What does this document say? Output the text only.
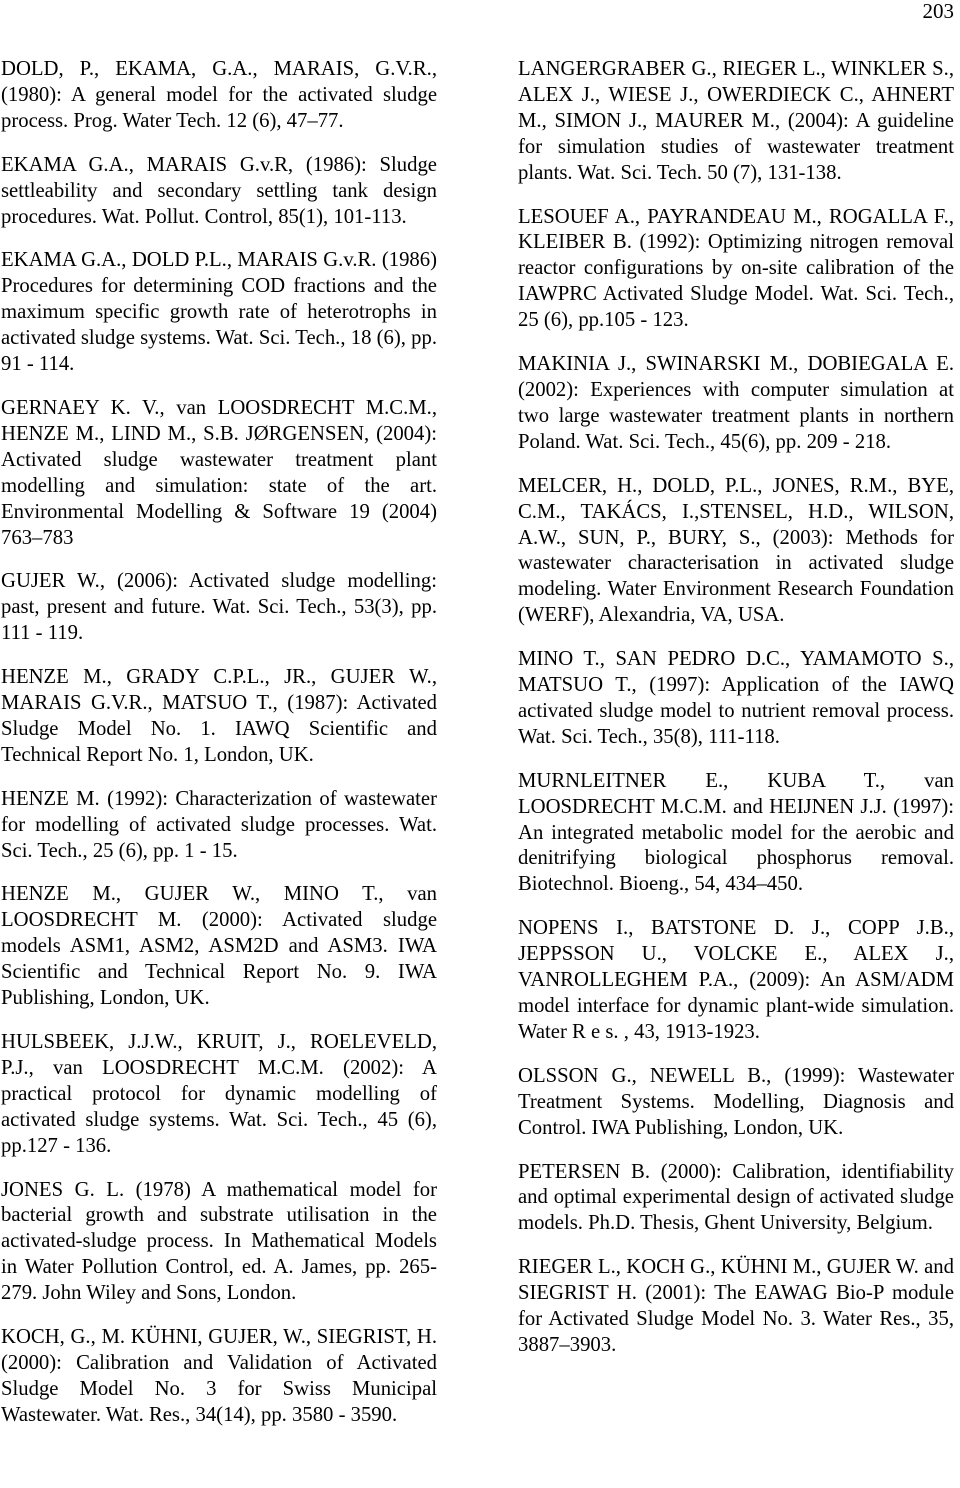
203

DOLD, P., EKAMA, G.A., MARAIS, G.V.R., (1980): A general model for the activated sludge process. Prog. Water Tech. 12 (6), 47–77.

EKAMA G.A., MARAIS G.v.R, (1986): Sludge settleability and secondary settling tank design procedures. Wat. Pollut. Control, 85(1), 101-113.

EKAMA G.A., DOLD P.L., MARAIS G.v.R. (1986) Procedures for determining COD fractions and the maximum specific growth rate of heterotrophs in activated sludge systems. Wat. Sci. Tech., 18 (6), pp. 91 - 114.

GERNAEY K. V., van LOOSDRECHT M.C.M., HENZE M., LIND M., S.B. JØRGENSEN, (2004): Activated sludge wastewater treatment plant modelling and simulation: state of the art. Environmental Modelling & Software 19 (2004) 763–783

GUJER W., (2006): Activated sludge modelling: past, present and future. Wat. Sci. Tech., 53(3), pp. 111 - 119.

HENZE M., GRADY C.P.L., JR., GUJER W., MARAIS G.V.R., MATSUO T., (1987): Activated Sludge Model No. 1. IAWQ Scientific and Technical Report No. 1, London, UK.

HENZE M. (1992): Characterization of wastewater for modelling of activated sludge processes. Wat. Sci. Tech., 25 (6), pp. 1 - 15.

HENZE M., GUJER W., MINO T., van LOOSDRECHT M. (2000): Activated sludge models ASM1, ASM2, ASM2D and ASM3. IWA Scientific and Technical Report No. 9. IWA Publishing, London, UK.

HULSBEEK, J.J.W., KRUIT, J., ROELEVELD, P.J., van LOOSDRECHT M.C.M. (2002): A practical protocol for dynamic modelling of activated sludge systems. Wat. Sci. Tech., 45 (6), pp.127 - 136.

JONES G. L. (1978) A mathematical model for bacterial growth and substrate utilisation in the activated-sludge process. In Mathematical Models in Water Pollution Control, ed. A. James, pp. 265-279. John Wiley and Sons, London.

KOCH, G., M. KÜHNI, GUJER, W., SIEGRIST, H. (2000): Calibration and Validation of Activated Sludge Model No. 3 for Swiss Municipal Wastewater. Wat. Res., 34(14), pp. 3580 - 3590.

LANGERGRABER G., RIEGER L., WINKLER S., ALEX J., WIESE J., OWERDIECK C., AHNERT M., SIMON J., MAURER M., (2004): A guideline for simulation studies of wastewater treatment plants. Wat. Sci. Tech. 50 (7), 131-138.

LESOUEF A., PAYRANDEAU M., ROGALLA F., KLEIBER B. (1992): Optimizing nitrogen removal reactor configurations by on-site calibration of the IAWPRC Activated Sludge Model. Wat. Sci. Tech., 25 (6), pp.105 - 123.

MAKINIA J., SWINARSKI M., DOBIEGALA E. (2002): Experiences with computer simulation at two large wastewater treatment plants in northern Poland. Wat. Sci. Tech., 45(6), pp. 209 - 218.

MELCER, H., DOLD, P.L., JONES, R.M., BYE, C.M., TAKÁCS, I.,STENSEL, H.D., WILSON, A.W., SUN, P., BURY, S., (2003): Methods for wastewater characterisation in activated sludge modeling. Water Environment Research Foundation (WERF), Alexandria, VA, USA.

MINO T., SAN PEDRO D.C., YAMAMOTO S., MATSUO T., (1997): Application of the IAWQ activated sludge model to nutrient removal process. Wat. Sci. Tech., 35(8), 111-118.

MURNLEITNER E., KUBA T., van LOOSDRECHT M.C.M. and HEIJNEN J.J. (1997): An integrated metabolic model for the aerobic and denitrifying biological phosphorus removal. Biotechnol. Bioeng., 54, 434–450.

NOPENS I., BATSTONE D. J., COPP J.B., JEPPSSON U., VOLCKE E., ALEX J., VANROLLEGHEM P.A., (2009): An ASM/ADM model interface for dynamic plant-wide simulation. Water R e s. , 43, 1913-1923.

OLSSON G., NEWELL B., (1999): Wastewater Treatment Systems. Modelling, Diagnosis and Control. IWA Publishing, London, UK.

PETERSEN B. (2000): Calibration, identifiability and optimal experimental design of activated sludge models. Ph.D. Thesis, Ghent University, Belgium.

RIEGER L., KOCH G., KÜHNI M., GUJER W. and SIEGRIST H. (2001): The EAWAG Bio-P module for Activated Sludge Model No. 3. Water Res., 35, 3887–3903.
